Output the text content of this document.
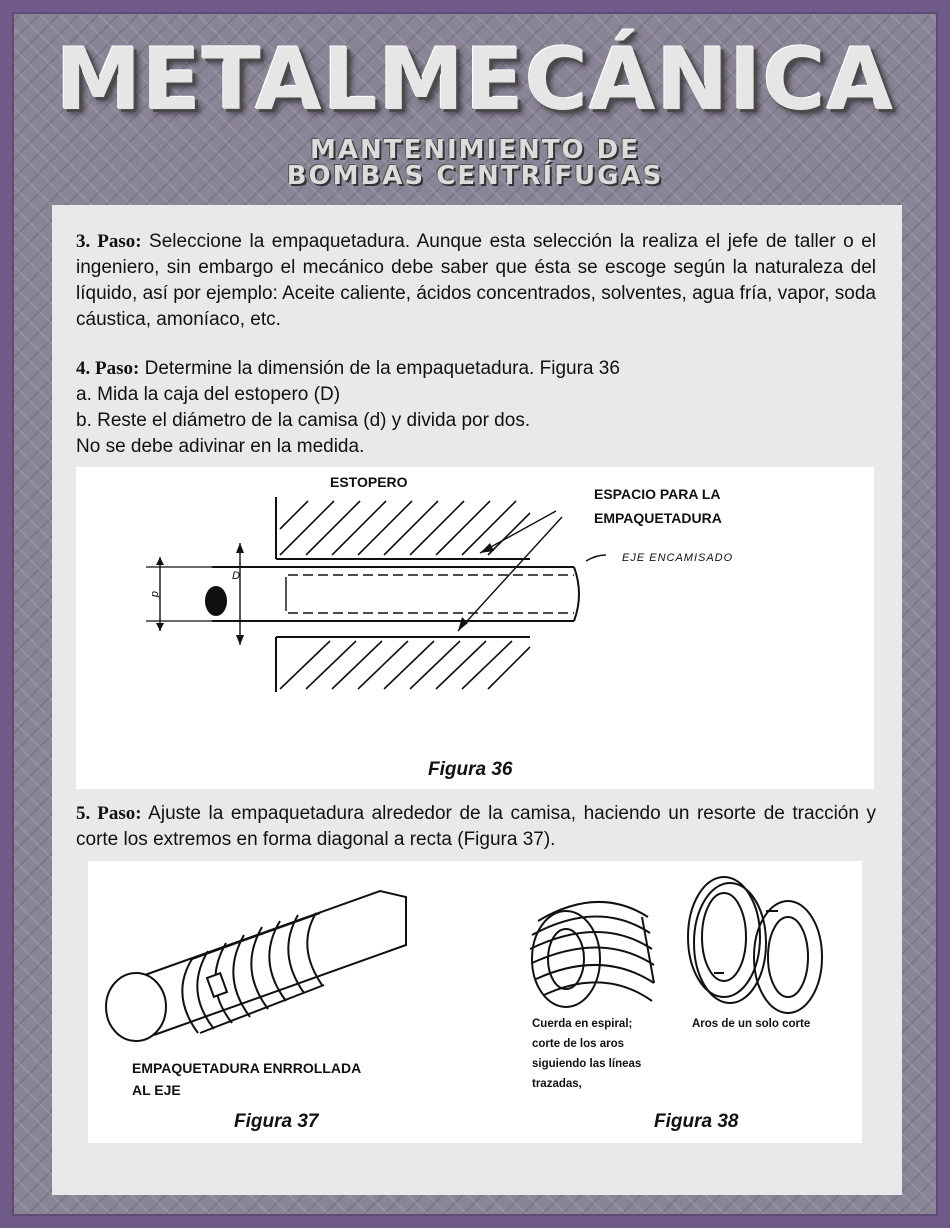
METALMECÁNICA
MANTENIMIENTO DE
BOMBAS CENTRÍFUGAS
3. Paso: Seleccione la empaquetadura. Aunque esta selección la realiza el jefe de taller o el ingeniero, sin embargo el mecánico debe saber que ésta se escoge según la naturaleza del líquido, así por ejemplo: Aceite caliente, ácidos concentrados, solventes, agua fría, vapor, soda cáustica, amoníaco, etc.
4. Paso: Determine la dimensión de la empaquetadura. Figura 36
a. Mida la caja del estopero (D)
b. Reste el diámetro de la camisa (d) y divida por dos.
No se debe adivinar en la medida.
ESTOPERO
ESPACIO PARA LA
EMPAQUETADURA
EJE ENCAMISADO
D
d
Figura 36
5. Paso: Ajuste la empaquetadura alrededor de la camisa, haciendo un resorte de tracción y corte los extremos en forma diagonal a recta (Figura 37).
EMPAQUETADURA ENRROLLADA
AL EJE
Figura 37
Cuerda en espiral;
corte de los aros
siguiendo las líneas
trazadas,
Aros de un solo corte
Figura 38
